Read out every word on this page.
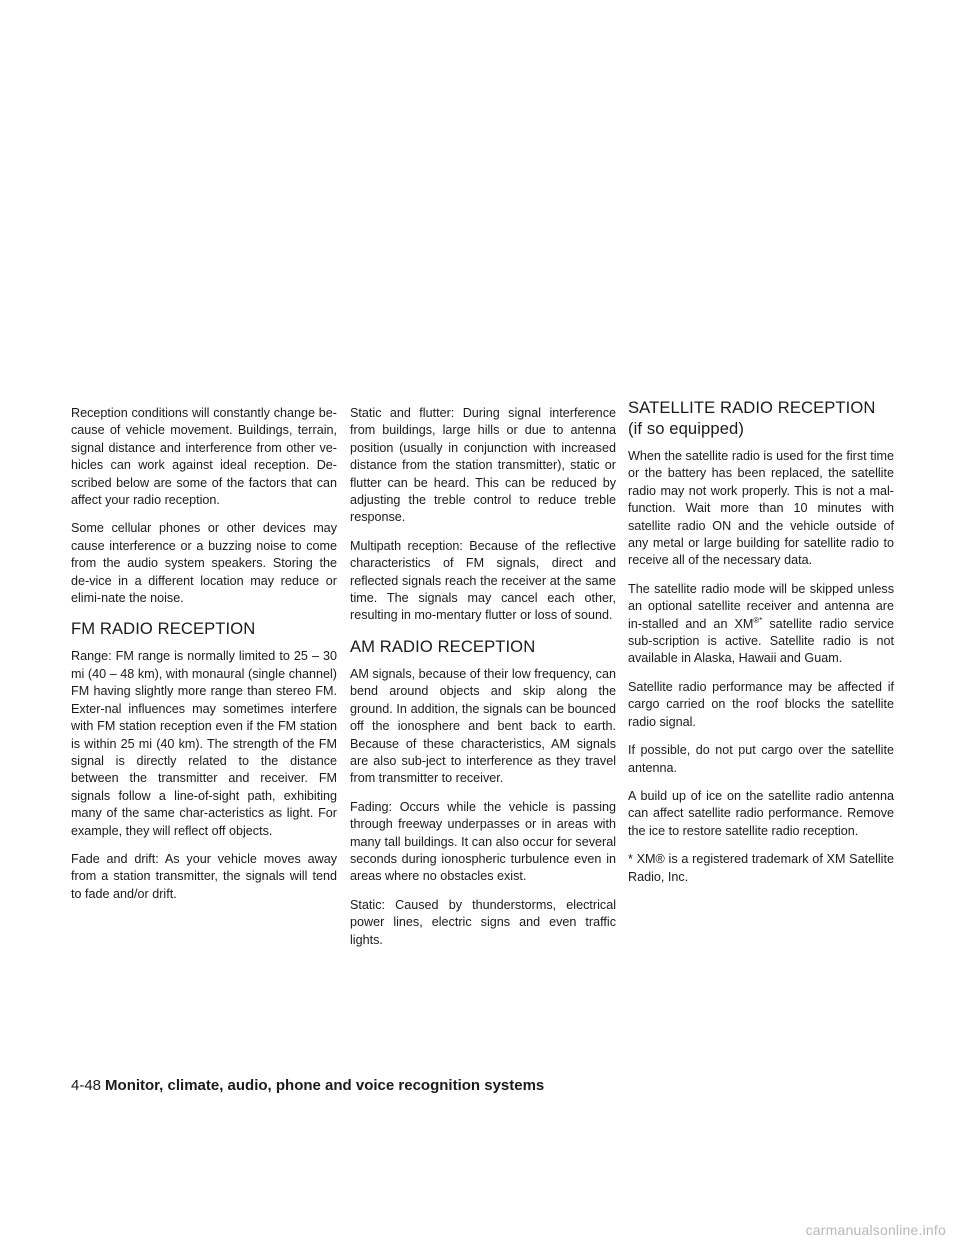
Reception conditions will constantly change be-cause of vehicle movement. Buildings, terrain, signal distance and interference from other ve-hicles can work against ideal reception. De-scribed below are some of the factors that can affect your radio reception.

Some cellular phones or other devices may cause interference or a buzzing noise to come from the audio system speakers. Storing the de-vice in a different location may reduce or elimi-nate the noise.

FM RADIO RECEPTION

Range: FM range is normally limited to 25 – 30 mi (40 – 48 km), with monaural (single channel) FM having slightly more range than stereo FM. Exter-nal influences may sometimes interfere with FM station reception even if the FM station is within 25 mi (40 km). The strength of the FM signal is directly related to the distance between the transmitter and receiver. FM signals follow a line-of-sight path, exhibiting many of the same char-acteristics as light. For example, they will reflect off objects.

Fade and drift: As your vehicle moves away from a station transmitter, the signals will tend to fade and/or drift.

Static and flutter: During signal interference from buildings, large hills or due to antenna position (usually in conjunction with increased distance from the station transmitter), static or flutter can be heard. This can be reduced by adjusting the treble control to reduce treble response.

Multipath reception: Because of the reflective characteristics of FM signals, direct and reflected signals reach the receiver at the same time. The signals may cancel each other, resulting in mo-mentary flutter or loss of sound.

AM RADIO RECEPTION

AM signals, because of their low frequency, can bend around objects and skip along the ground. In addition, the signals can be bounced off the ionosphere and bent back to earth. Because of these characteristics, AM signals are also sub-ject to interference as they travel from transmitter to receiver.

Fading: Occurs while the vehicle is passing through freeway underpasses or in areas with many tall buildings. It can also occur for several seconds during ionospheric turbulence even in areas where no obstacles exist.

Static: Caused by thunderstorms, electrical power lines, electric signs and even traffic lights.

SATELLITE RADIO RECEPTION (if so equipped)

When the satellite radio is used for the first time or the battery has been replaced, the satellite radio may not work properly. This is not a mal-function. Wait more than 10 minutes with satellite radio ON and the vehicle outside of any metal or large building for satellite radio to receive all of the necessary data.

The satellite radio mode will be skipped unless an optional satellite receiver and antenna are in-stalled and an XM®* satellite radio service sub-scription is active. Satellite radio is not available in Alaska, Hawaii and Guam.

Satellite radio performance may be affected if cargo carried on the roof blocks the satellite radio signal.

If possible, do not put cargo over the satellite antenna.

A build up of ice on the satellite radio antenna can affect satellite radio performance. Remove the ice to restore satellite radio reception.

* XM® is a registered trademark of XM Satellite Radio, Inc.

4-48 Monitor, climate, audio, phone and voice recognition systems
carmanualsonline.info
